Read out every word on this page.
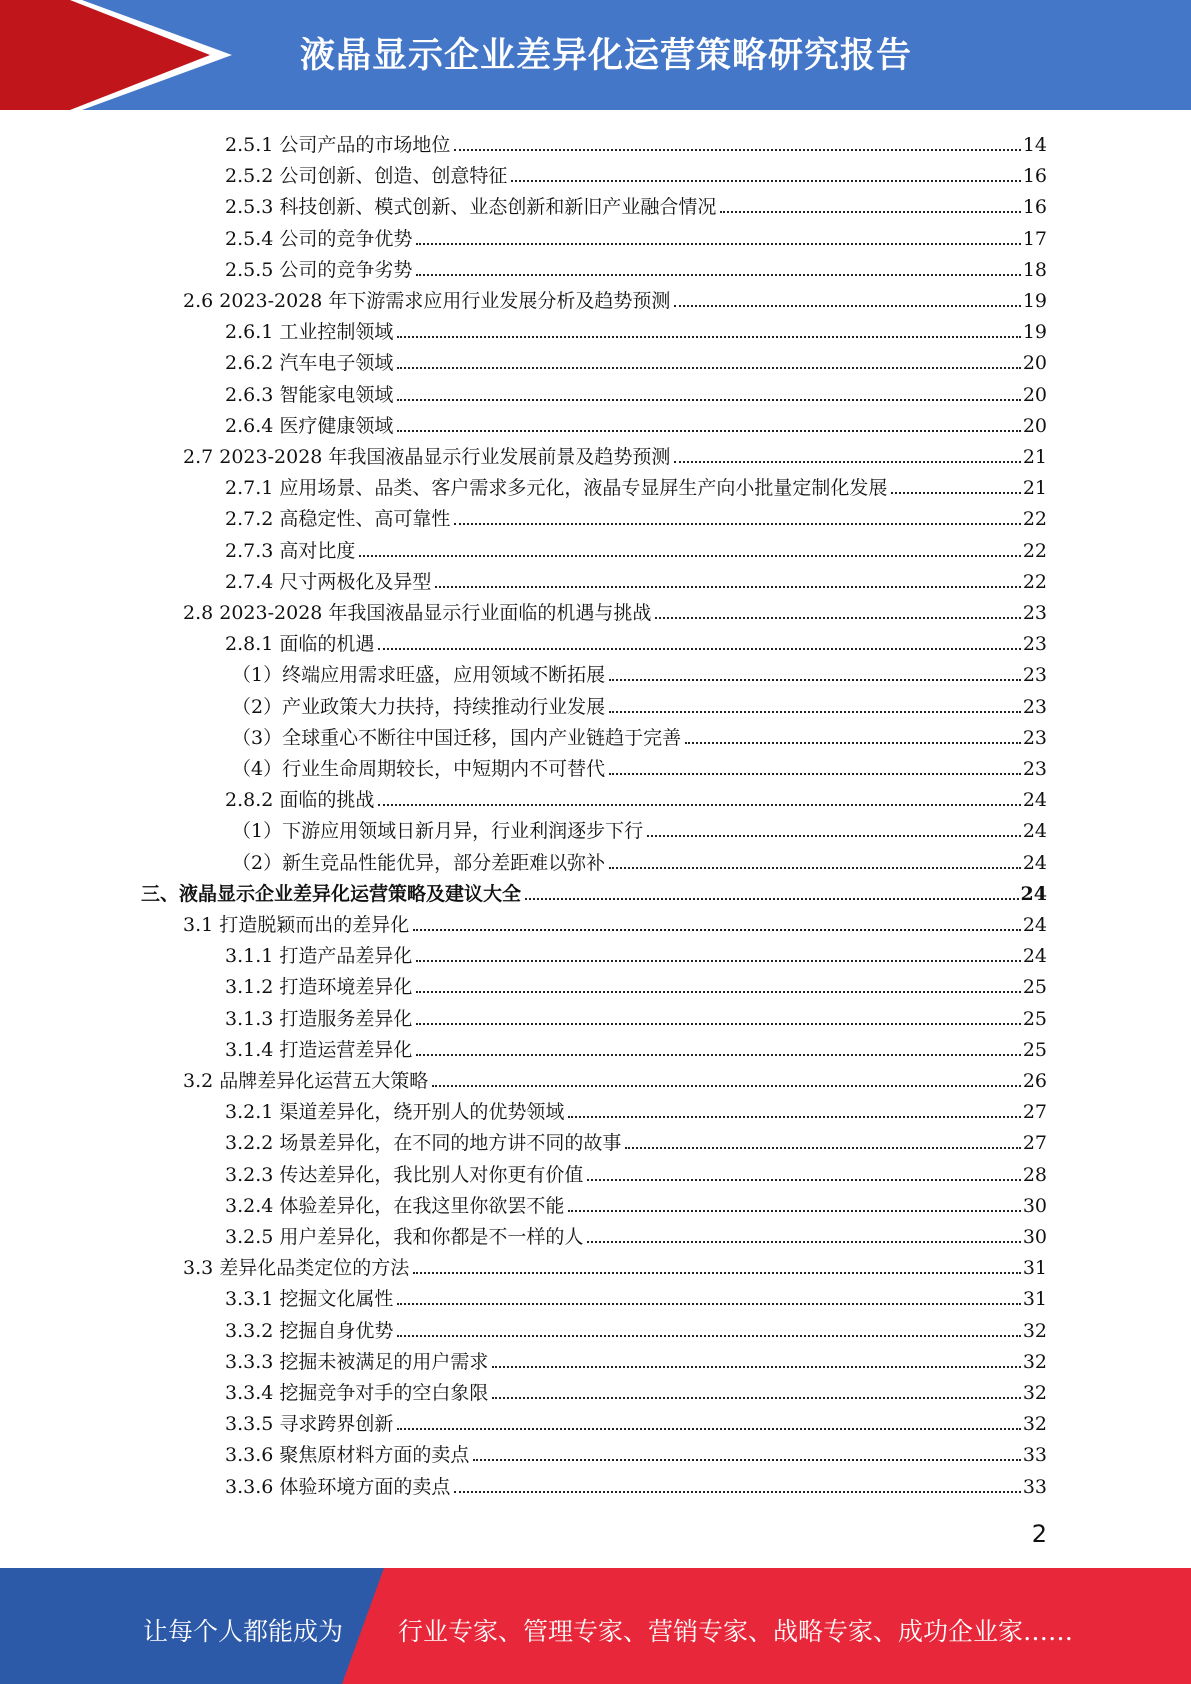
液晶显示企业差异化运营策略研究报告
2.5.1 公司产品的市场地位	14
2.5.2 公司创新、创造、创意特征	16
2.5.3 科技创新、模式创新、业态创新和新旧产业融合情况	16
2.5.4 公司的竞争优势	17
2.5.5 公司的竞争劣势	18
2.6 2023-2028 年下游需求应用行业发展分析及趋势预测	19
2.6.1 工业控制领域	19
2.6.2 汽车电子领域	20
2.6.3 智能家电领域	20
2.6.4 医疗健康领域	20
2.7 2023-2028 年我国液晶显示行业发展前景及趋势预测	21
2.7.1 应用场景、品类、客户需求多元化，液晶专显屏生产向小批量定制化发展	21
2.7.2 高稳定性、高可靠性	22
2.7.3 高对比度	22
2.7.4 尺寸两极化及异型	22
2.8 2023-2028 年我国液晶显示行业面临的机遇与挑战	23
2.8.1 面临的机遇	23
（1）终端应用需求旺盛，应用领域不断拓展	23
（2）产业政策大力扶持，持续推动行业发展	23
（3）全球重心不断往中国迁移，国内产业链趋于完善	23
（4）行业生命周期较长，中短期内不可替代	23
2.8.2 面临的挑战	24
（1）下游应用领域日新月异，行业利润逐步下行	24
（2）新生竞品性能优异，部分差距难以弥补	24
三、液晶显示企业差异化运营策略及建议大全	24
3.1 打造脱颖而出的差异化	24
3.1.1 打造产品差异化	24
3.1.2 打造环境差异化	25
3.1.3 打造服务差异化	25
3.1.4 打造运营差异化	25
3.2 品牌差异化运营五大策略	26
3.2.1 渠道差异化，绕开别人的优势领域	27
3.2.2 场景差异化，在不同的地方讲不同的故事	27
3.2.3 传达差异化，我比别人对你更有价值	28
3.2.4 体验差异化，在我这里你欲罢不能	30
3.2.5 用户差异化，我和你都是不一样的人	30
3.3 差异化品类定位的方法	31
3.3.1 挖掘文化属性	31
3.3.2 挖掘自身优势	32
3.3.3 挖掘未被满足的用户需求	32
3.3.4 挖掘竞争对手的空白象限	32
3.3.5 寻求跨界创新	32
3.3.6 聚焦原材料方面的卖点	33
3.3.6 体验环境方面的卖点	33
2
让每个人都能成为 行业专家、管理专家、营销专家、战略专家、成功企业家……
